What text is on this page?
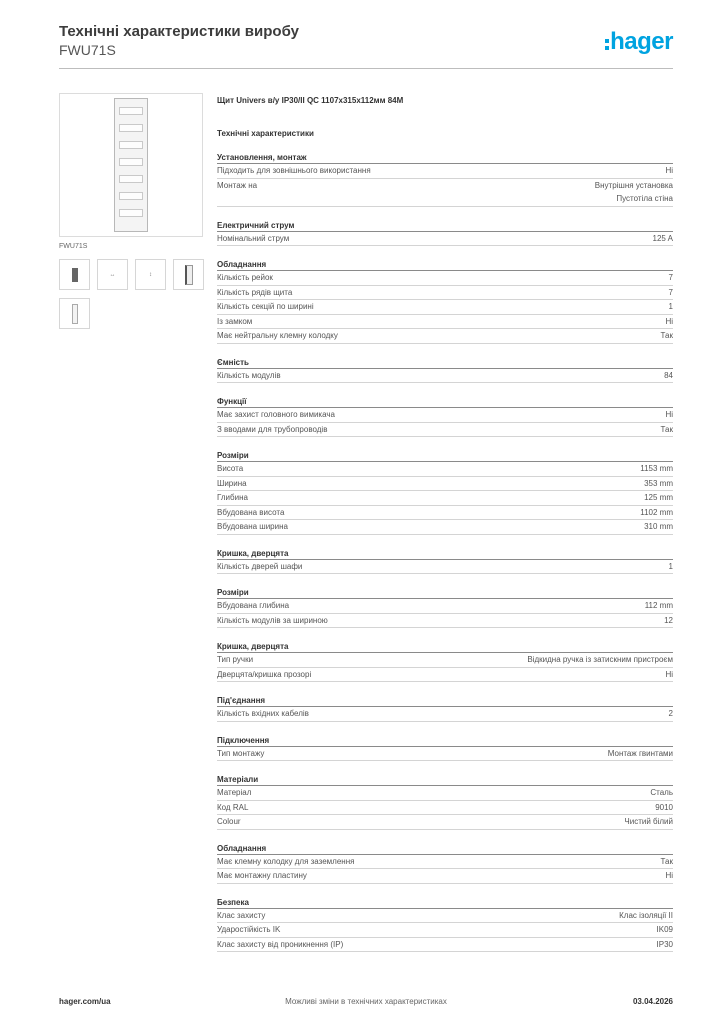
Технічні характеристики виробу
FWU71S	hager
FWU71S
↔	↕
Щит Univers в/у IP30/II QC 1107x315x112мм 84M
Технічні характеристики
Установлення, монтаж
Підходить для зовнішнього використання	Ні
Монтаж на	Внутрішня установка
Пустотіла стіна
Електричний струм
Номінальний струм	125 A
Обладнання
Кількість рейок	7
Кількість рядів щита	7
Кількість секцій по ширині	1
Із замком	Ні
Має нейтральну клемну колодку	Так
Ємність
Кількість модулів	84
Функції
Має захист головного вимикача	Ні
З вводами для трубопроводів	Так
Розміри
Висота	1153 mm
Ширина	353 mm
Глибина	125 mm
Вбудована висота	1102 mm
Вбудована ширина	310 mm
Кришка, дверцята
Кількість дверей шафи	1
Розміри
Вбудована глибина	112 mm
Кількість модулів за шириною	12
Кришка, дверцята
Тип ручки	Відкидна ручка із затискним пристроєм
Дверцята/кришка прозорі	Ні
Під'єднання
Кількість вхідних кабелів	2
Підключення
Тип монтажу	Монтаж гвинтами
Матеріали
Матеріал	Сталь
Код RAL	9010
Colour	Чистий білий
Обладнання
Має клемну колодку для заземлення	Так
Має монтажну пластину	Ні
Безпека
Клас захисту	Клас ізоляції II
Ударостійкість IK	IK09
Клас захисту від проникнення (IP)	IP30
hager.com/ua	Можливі зміни в технічних характеристиках	03.04.2026
